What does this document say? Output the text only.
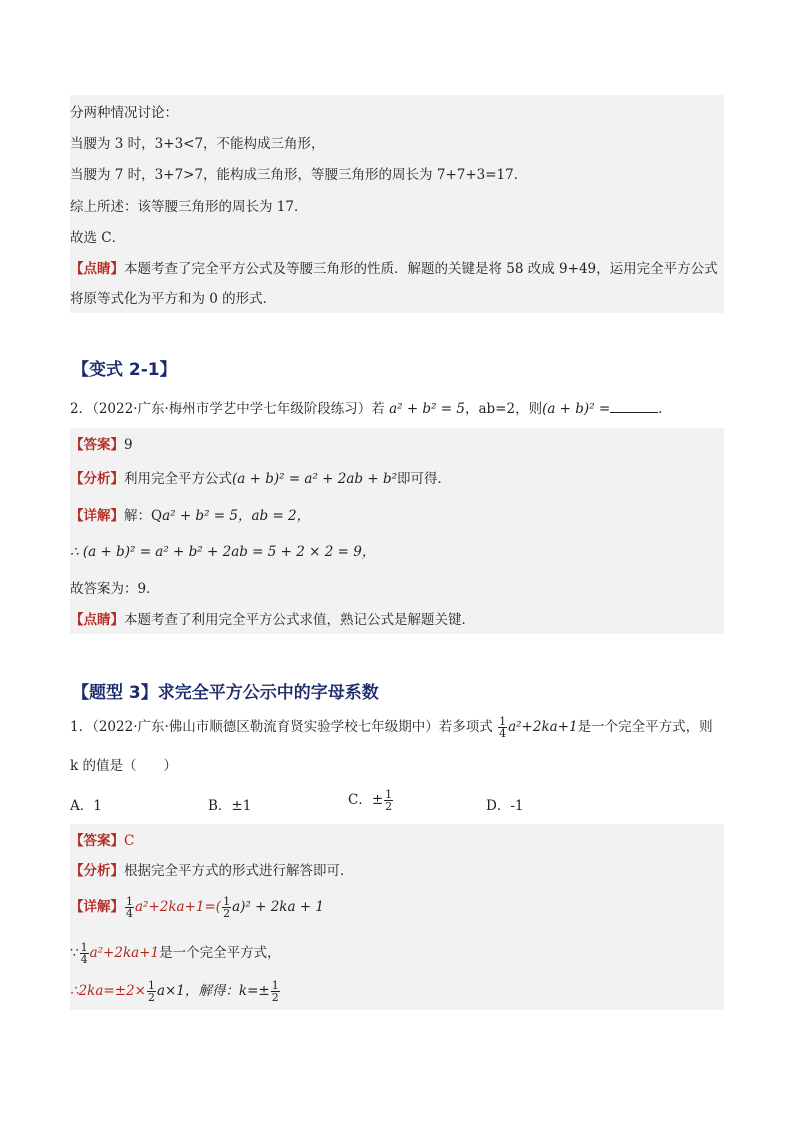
分两种情况讨论：
当腰为 3 时，3+3<7，不能构成三角形，
当腰为 7 时，3+7>7，能构成三角形，等腰三角形的周长为 7+7+3=17．
综上所述：该等腰三角形的周长为 17．
故选 C．
【点睛】本题考查了完全平方公式及等腰三角形的性质．解题的关键是将 58 改成 9+49，运用完全平方公式
将原等式化为平方和为 0 的形式．
【变式 2-1】
2．（2022·广东·梅州市学艺中学七年级阶段练习）若 a² + b² = 5，ab=2，则(a + b)² =	．
【答案】9
【分析】利用完全平方公式(a + b)² = a² + 2ab + b²即可得．
【详解】解：Qa² + b² = 5，ab = 2，
∴ (a + b)² = a² + b² + 2ab = 5 + 2 × 2 = 9，
故答案为：9．
【点睛】本题考查了利用完全平方公式求值，熟记公式是解题关键．
【题型 3】求完全平方公示中的字母系数
1．（2022·广东·佛山市顺德区勒流育贤实验学校七年级期中）若多项式 $\frac{1}{4} a^2+2ka+1$是一个完全平方式，则
k 的值是（　　）
A．1	B．±1	C．± $\frac{1}{2}$	D．-1
【答案】C
【分析】根据完全平方式的形式进行解答即可．
【详解】 $\frac{1}{4} a^2+2ka+1=( \frac{1}{2} a)^2 + 2ka + 1$
∵ $\frac{1}{4} a^2+2ka+1$是一个完全平方式，
∴2ka=±2× $\frac{1}{2} a\times 1$，解得：$k=\pm \frac{1}{2}$
